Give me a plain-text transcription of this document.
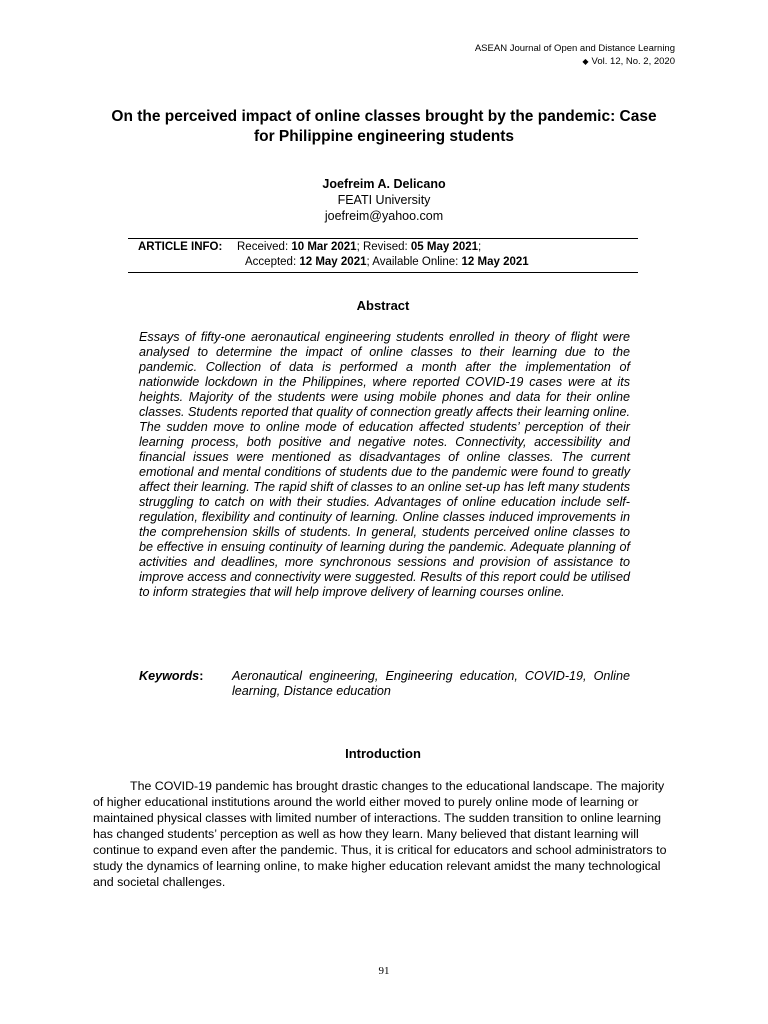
ASEAN Journal of Open and Distance Learning
◆ Vol. 12, No. 2, 2020
On the perceived impact of online classes brought by the pandemic: Case for Philippine engineering students
Joefreim A. Delicano
FEATI University
joefreim@yahoo.com
ARTICLE INFO: Received: 10 Mar 2021; Revised: 05 May 2021;
Accepted: 12 May 2021; Available Online: 12 May 2021
Abstract

Essays of fifty-one aeronautical engineering students enrolled in theory of flight were analysed to determine the impact of online classes to their learning due to the pandemic. Collection of data is performed a month after the implementation of nationwide lockdown in the Philippines, where reported COVID-19 cases were at its heights. Majority of the students were using mobile phones and data for their online classes. Students reported that quality of connection greatly affects their learning online. The sudden move to online mode of education affected students’ perception of their learning process, both positive and negative notes. Connectivity, accessibility and financial issues were mentioned as disadvantages of online classes. The current emotional and mental conditions of students due to the pandemic were found to greatly affect their learning. The rapid shift of classes to an online set-up has left many students struggling to catch on with their studies. Advantages of online education include self-regulation, flexibility and continuity of learning. Online classes induced improvements in the comprehension skills of students. In general, students perceived online classes to be effective in ensuing continuity of learning during the pandemic. Adequate planning of activities and deadlines, more synchronous sessions and provision of assistance to improve access and connectivity were suggested. Results of this report could be utilised to inform strategies that will help improve delivery of learning courses online.

Keywords:	Aeronautical engineering, Engineering education, COVID-19, Online learning, Distance education
Introduction

The COVID-19 pandemic has brought drastic changes to the educational landscape. The majority of higher educational institutions around the world either moved to purely online mode of learning or maintained physical classes with limited number of interactions. The sudden transition to online learning has changed students’ perception as well as how they learn. Many believed that distant learning will continue to expand even after the pandemic. Thus, it is critical for educators and school administrators to study the dynamics of learning online, to make higher education relevant amidst the many technological and societal challenges.

91
